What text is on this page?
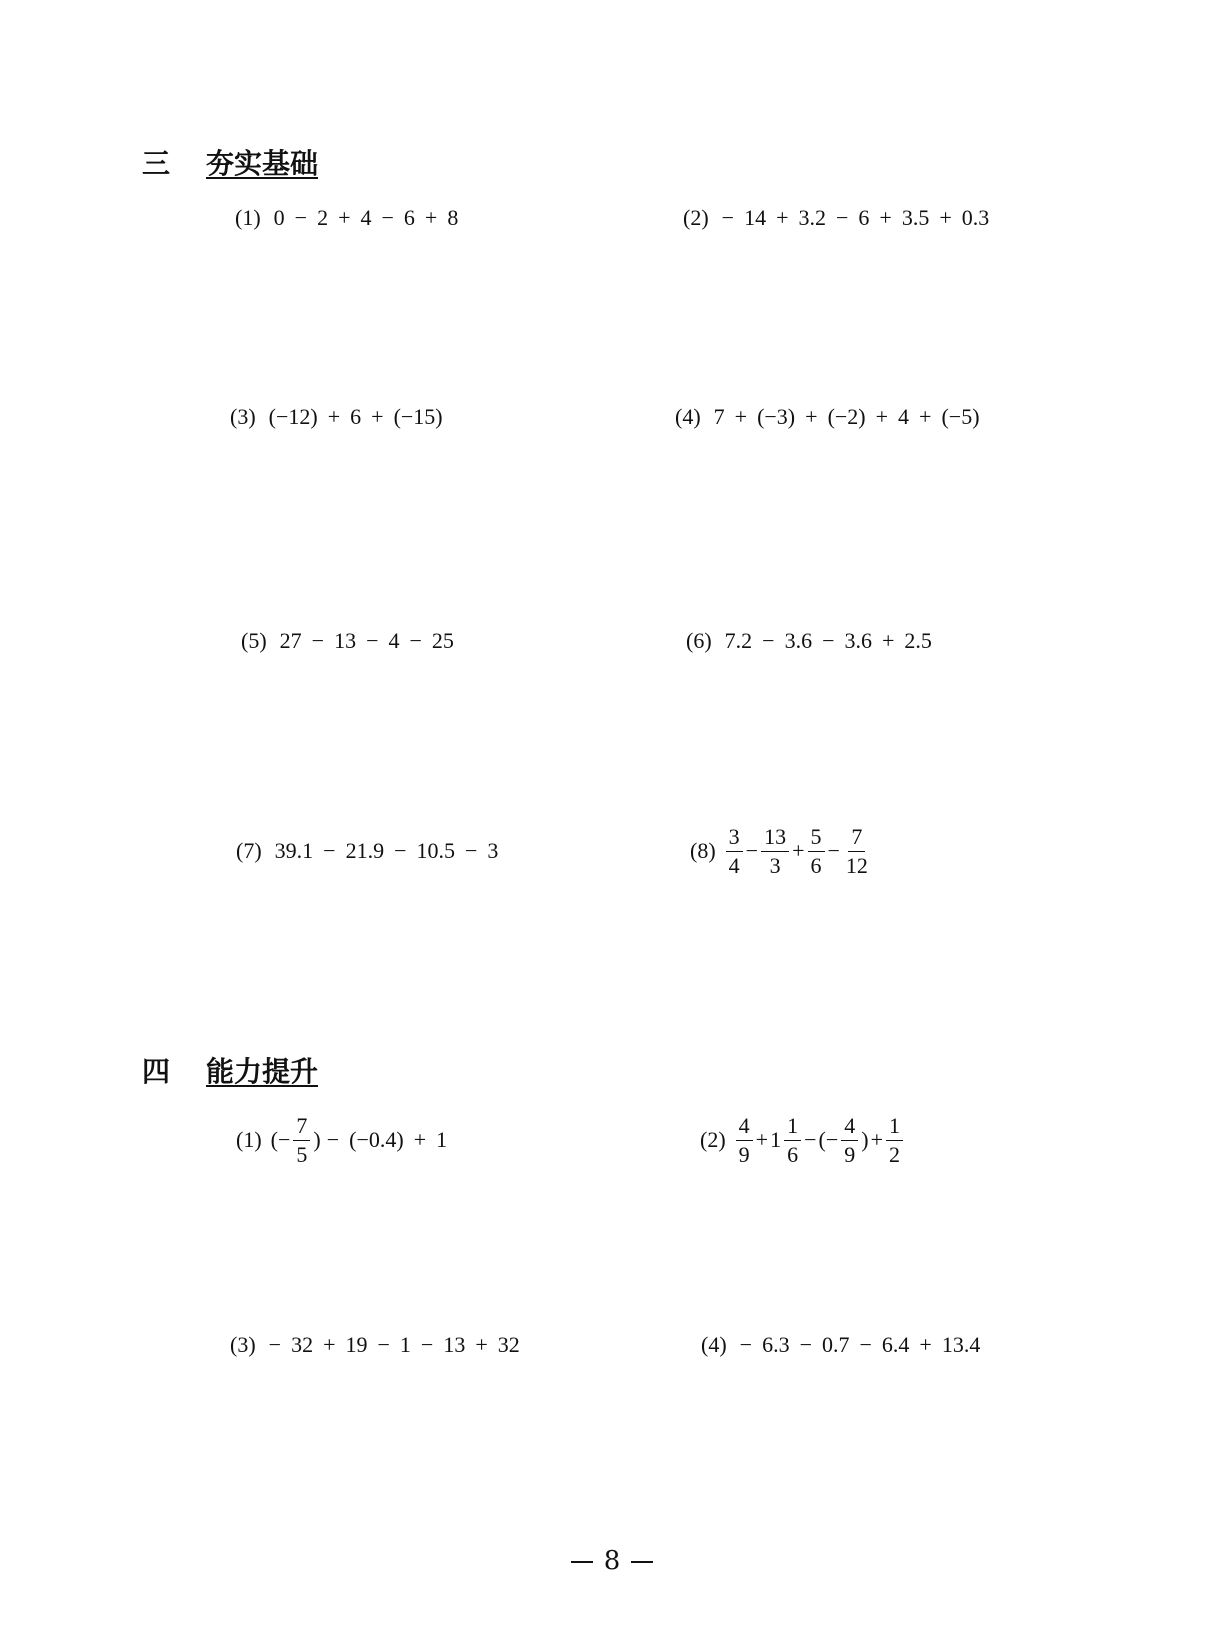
三 夯实基础
(1) 0 − 2 + 4 − 6 + 8	(2) − 14 + 3.2 − 6 + 3.5 + 0.3
(3) (−12) + 6 + (−15)	(4) 7 + (−3) + (−2) + 4 + (−5)
(5) 27 − 13 − 4 − 25	(6) 7.2 − 3.6 − 3.6 + 2.5
(7) 39.1 − 21.9 − 10.5 − 3	$(8) \frac{3}{4} - \frac{13}{3} + \frac{5}{6} - \frac{7}{12}$
四 能力提升
(1) (− $\frac{7}{5}$ ) − (−0.4) + 1	$(2) \frac{4}{9} + 1 \frac{1}{6}$ − (− $\frac{4}{9}$ ) + $\frac{1}{2}$
(3) − 32 + 19 − 1 − 13 + 32	(4) − 6.3 − 0.7 − 6.4 + 13.4
8
